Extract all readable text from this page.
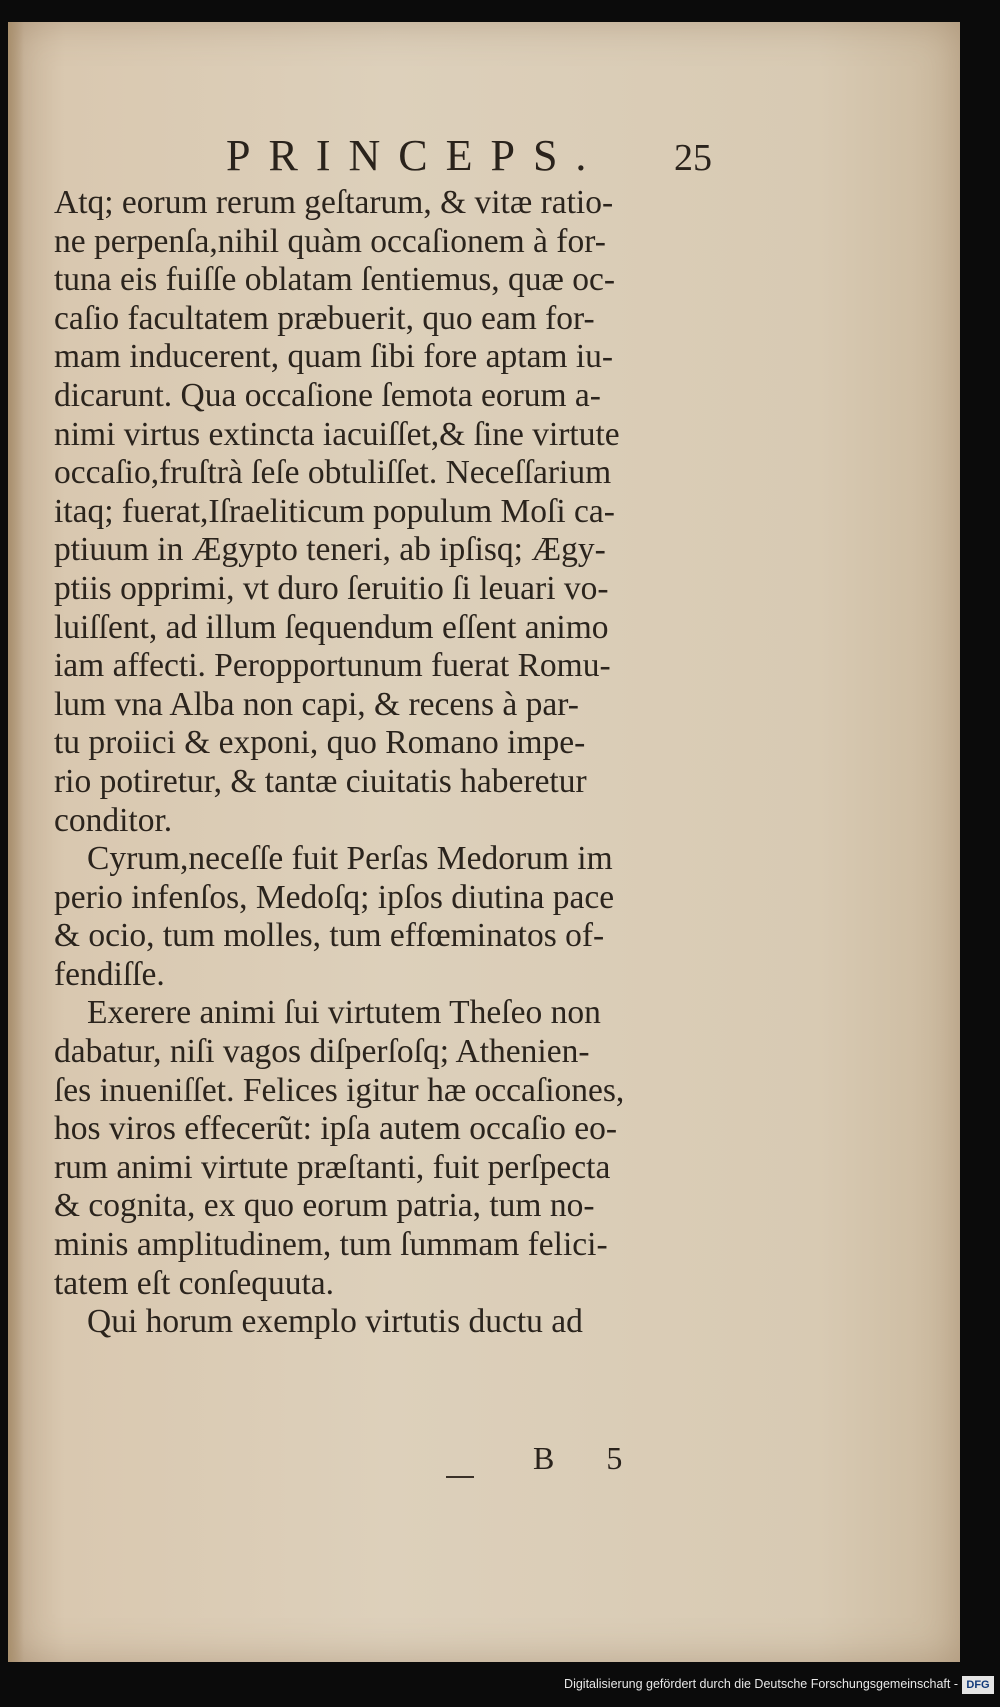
PRINCEPS. 25
Atq; eorum rerum geſtarum, & vitæ ratio-
ne perpenſa,nihil quàm occaſionem à for-
tuna eis fuiſſe oblatam ſentiemus, quæ oc-
caſio facultatem præbuerit, quo eam for-
mam inducerent, quam ſibi fore aptam iu-
dicarunt. Qua occaſione ſemota eorum a-
nimi virtus extincta iacuiſſet,& ſine virtute
occaſio,fruſtrà ſeſe obtuliſſet. Neceſſarium
itaq; fuerat,Iſraeliticum populum Moſi ca-
ptiuum in Ægypto teneri, ab ipſisq; Ægy-
ptiis opprimi, vt duro ſeruitio ſi leuari vo-
luiſſent, ad illum ſequendum eſſent animo
iam affecti. Peropportunum fuerat Romu-
lum vna Alba non capi, & recens à par-
tu proiici & exponi, quo Romano impe-
rio potiretur, & tantæ ciuitatis haberetur
conditor.
Cyrum,neceſſe fuit Perſas Medorum im
perio infenſos, Medoſq; ipſos diutina pace
& ocio, tum molles, tum effœminatos of-
fendiſſe.
Exerere animi ſui virtutem Theſeo non
dabatur, niſi vagos diſperſoſq; Athenien-
ſes inueniſſet. Felices igitur hæ occaſiones,
hos viros effecerũt: ipſa autem occaſio eo-
rum animi virtute præſtanti, fuit perſpecta
& cognita, ex quo eorum patria, tum no-
minis amplitudinem, tum ſummam felici-
tatem eſt conſequuta.
Qui horum exemplo virtutis ductu ad
B 5
Digitalisierung gefördert durch die Deutsche Forschungsgemeinschaft - DFG
